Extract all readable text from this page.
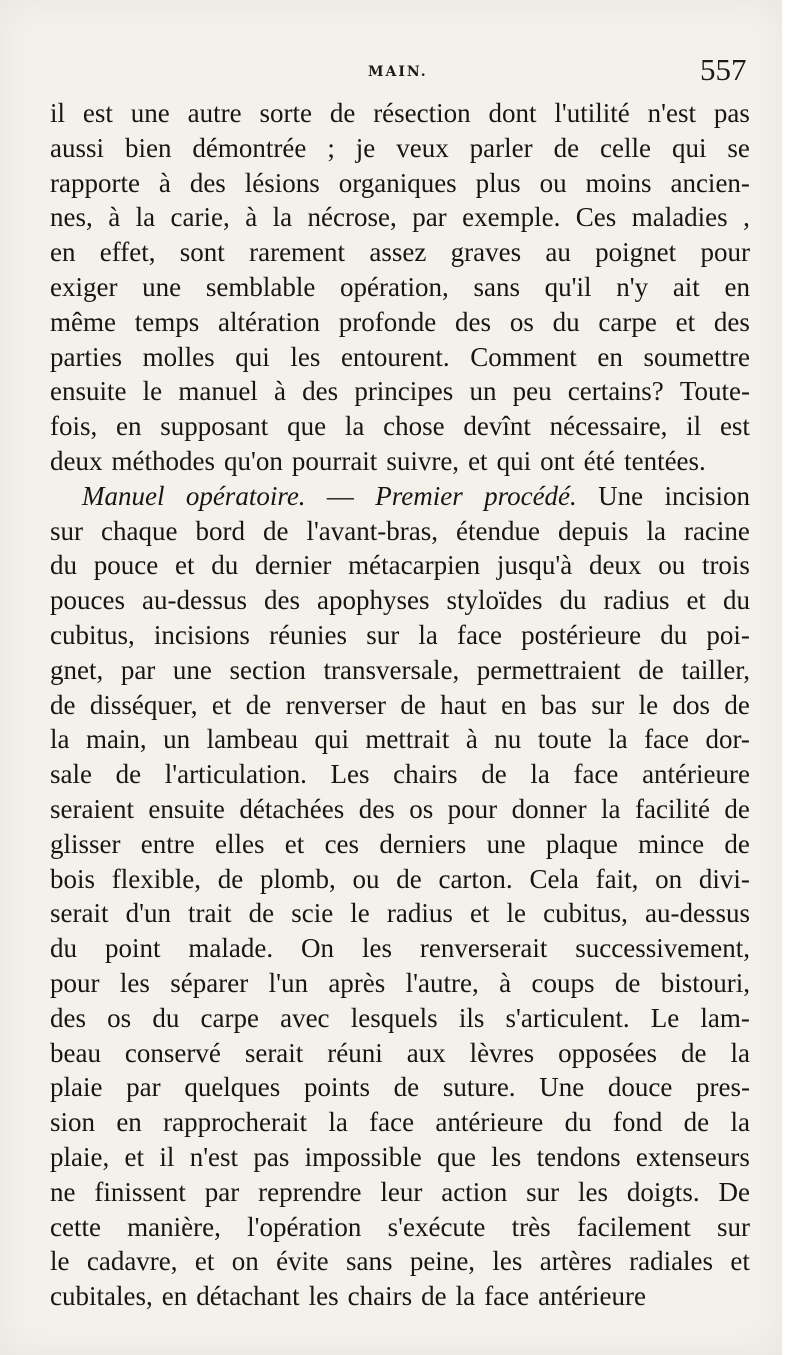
MAIN.	557
il est une autre sorte de résection dont l'utilité n'est pas
aussi bien démontrée ; je veux parler de celle qui se
rapporte à des lésions organiques plus ou moins ancien-
nes, à la carie, à la nécrose, par exemple. Ces maladies ,
en effet, sont rarement assez graves au poignet pour
exiger une semblable opération, sans qu'il n'y ait en
même temps altération profonde des os du carpe et des
parties molles qui les entourent. Comment en soumettre
ensuite le manuel à des principes un peu certains? Toute-
fois, en supposant que la chose devînt nécessaire, il est
deux méthodes qu'on pourrait suivre, et qui ont été tentées.
Manuel opératoire. — Premier procédé. Une incision
sur chaque bord de l'avant-bras, étendue depuis la racine
du pouce et du dernier métacarpien jusqu'à deux ou trois
pouces au-dessus des apophyses styloïdes du radius et du
cubitus, incisions réunies sur la face postérieure du poi-
gnet, par une section transversale, permettraient de tailler,
de disséquer, et de renverser de haut en bas sur le dos de
la main, un lambeau qui mettrait à nu toute la face dor-
sale de l'articulation. Les chairs de la face antérieure
seraient ensuite détachées des os pour donner la facilité de
glisser entre elles et ces derniers une plaque mince de
bois flexible, de plomb, ou de carton. Cela fait, on divi-
serait d'un trait de scie le radius et le cubitus, au-dessus
du point malade. On les renverserait successivement,
pour les séparer l'un après l'autre, à coups de bistouri,
des os du carpe avec lesquels ils s'articulent. Le lam-
beau conservé serait réuni aux lèvres opposées de la
plaie par quelques points de suture. Une douce pres-
sion en rapprocherait la face antérieure du fond de la
plaie, et il n'est pas impossible que les tendons extenseurs
ne finissent par reprendre leur action sur les doigts. De
cette manière, l'opération s'exécute très facilement sur
le cadavre, et on évite sans peine, les artères radiales et
cubitales, en détachant les chairs de la face antérieure
